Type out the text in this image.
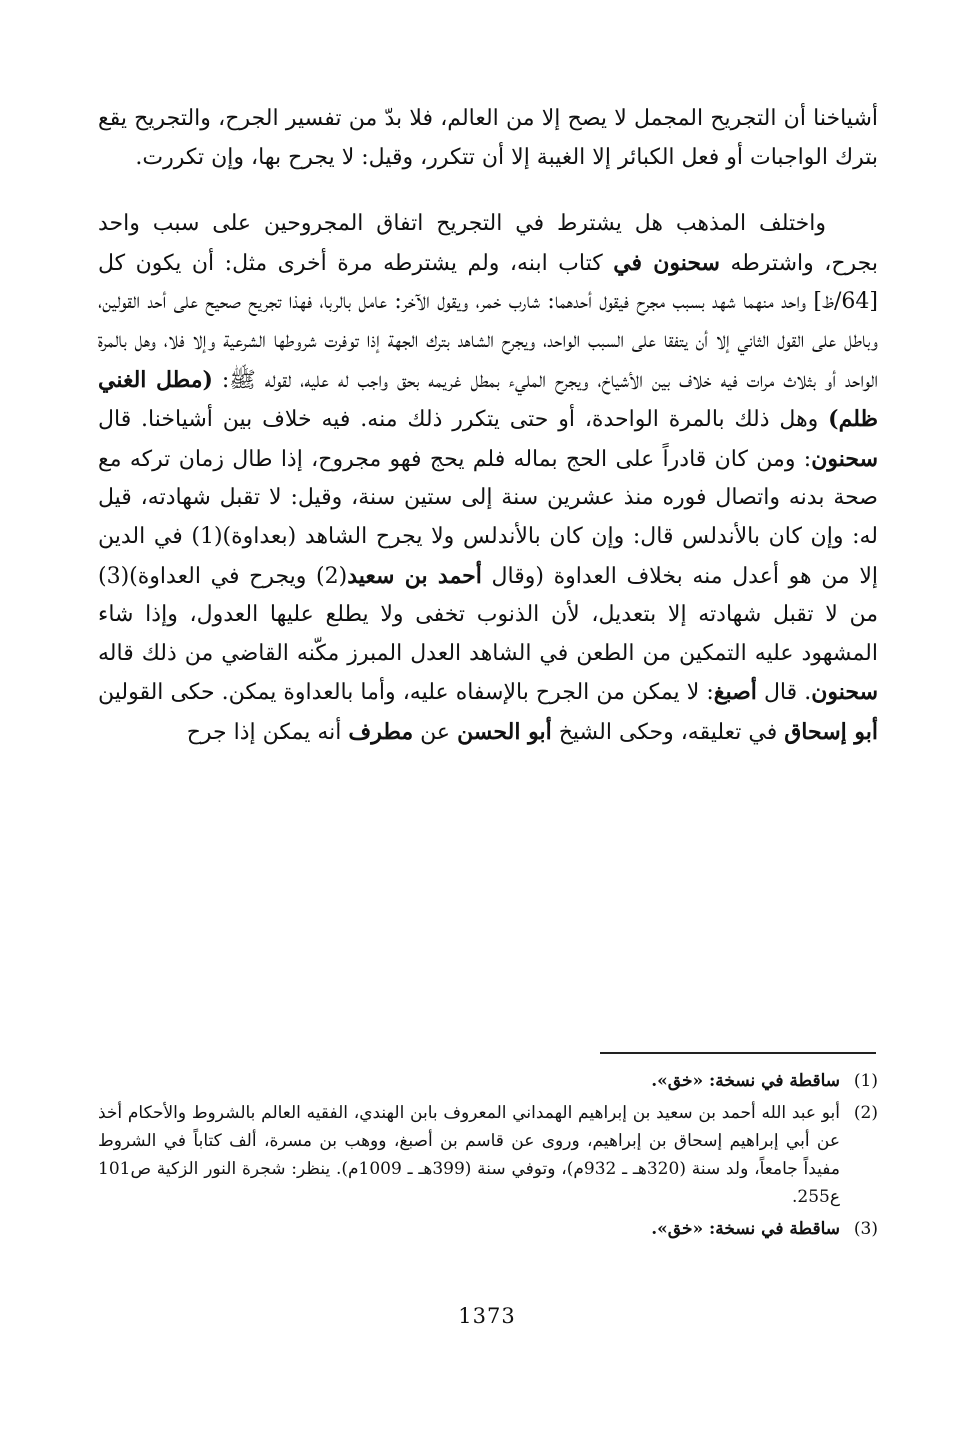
أشياخنا أن التجريح المجمل لا يصح إلا من العالم، فلا بدّ من تفسير الجرح، والتجريح يقع بترك الواجبات أو فعل الكبائر إلا الغيبة إلا أن تتكرر، وقيل: لا يجرح بها، وإن تكررت.

واختلف المذهب هل يشترط في التجريح اتفاق المجروحين على سبب واحد بجرح، واشترطه سحنون في كتاب ابنه، ولم يشترطه مرة أخرى مثل: أن يكون كل [64/ظ] واحد منهما شهد بسبب مجرح فيقول أحدهما: شارب خمر، ويقول الآخر: عامل بالربا، فهذا تجريح صحيح على أحد القولين، وباطل على القول الثاني إلا أن يتفقا على السبب الواحد، ويجرح الشاهد بترك الجهة إذا توفرت شروطها الشرعية وإلا فلا، وهل بالمرة الواحد أو بثلاث مرات فيه خلاف بين الأشياخ، ويجرح المليء بمطل غريمه بحق واجب له عليه، لقوله ﷺ: (مطل الغني ظلم) وهل ذلك بالمرة الواحدة، أو حتى يتكرر ذلك منه. فيه خلاف بين أشياخنا. قال سحنون: ومن كان قادراً على الحج بماله فلم يحج فهو مجروح، إذا طال زمان تركه مع صحة بدنه واتصال فوره منذ عشرين سنة إلى ستين سنة، وقيل: لا تقبل شهادته، قيل له: وإن كان بالأندلس قال: وإن كان بالأندلس ولا يجرح الشاهد (بعداوة)(1) في الدين إلا من هو أعدل منه بخلاف العداوة (وقال أحمد بن سعيد(2) ويجرح في العداوة)(3) من لا تقبل شهادته إلا بتعديل، لأن الذنوب تخفى ولا يطلع عليها العدول، وإذا شاء المشهود عليه التمكين من الطعن في الشاهد العدل المبرز مكّنه القاضي من ذلك قاله سحنون. قال أصبغ: لا يمكن من الجرح بالإسفاه عليه، وأما بالعداوة يمكن. حكى القولين أبو إسحاق في تعليقه، وحكى الشيخ أبو الحسن عن مطرف أنه يمكن إذا جرح

(1)
ساقطة في نسخة: «خق».
(2)
أبو عبد الله أحمد بن سعيد بن إبراهيم الهمداني المعروف بابن الهندي، الفقيه العالم بالشروط والأحكام أخذ عن أبي إبراهيم إسحاق بن إبراهيم، وروى عن قاسم بن أصبغ، ووهب بن مسرة، ألف كتاباً في الشروط مفيداً جامعاً، ولد سنة (320هـ ـ 932م)، وتوفي سنة (399هـ ـ 1009م). ينظر: شجرة النور الزكية ص101 ع255.
(3)
ساقطة في نسخة: «خق».
1373
